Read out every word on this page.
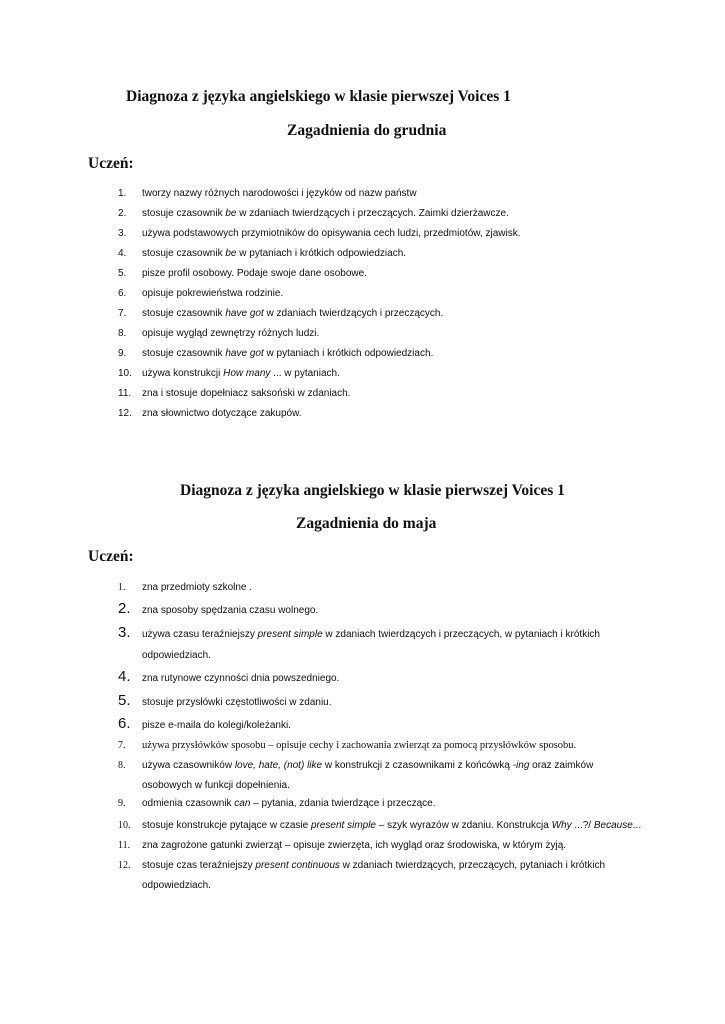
Diagnoza z języka angielskiego w klasie pierwszej Voices 1
Zagadnienia do grudnia
Uczeń:
1. tworzy nazwy różnych narodowości i języków od nazw państw
2. stosuje czasownik be w zdaniach twierdzących i przeczących. Zaimki dzierżawcze.
3. używa podstawowych przymiotników do opisywania cech ludzi, przedmiotów, zjawisk.
4. stosuje czasownik be w pytaniach i krótkich odpowiedziach.
5. pisze profil osobowy. Podaje swoje dane osobowe.
6. opisuje pokrewieństwa rodzinie.
7. stosuje czasownik have got w zdaniach twierdzących i przeczących.
8. opisuje wygląd zewnętrzy różnych ludzi.
9. stosuje czasownik have got w pytaniach i krótkich odpowiedziach.
10. używa konstrukcji How many ... w pytaniach.
11. zna i stosuje dopełniacz saksoński w zdaniach.
12. zna słownictwo dotyczące zakupów.
Diagnoza z języka angielskiego w klasie pierwszej Voices 1
Zagadnienia do maja
Uczeń:
1. zna przedmioty szkolne .
2. zna sposoby spędzania czasu wolnego.
3. używa czasu teraźniejszy present simple w zdaniach twierdzących i przeczących, w pytaniach i krótkich
odpowiedziach.
4. zna rutynowe czynności dnia powszedniego.
5. stosuje przysłówki częstotliwości w zdaniu.
6. pisze e-maila do kolegi/koleżanki.
7. używa przysłówków sposobu – opisuje cechy i zachowania zwierząt za pomocą przysłówków sposobu.
8. używa czasowników love, hate, (not) like w konstrukcji z czasownikami z końcówką -ing oraz zaimków
osobowych w funkcji dopełnienia.
9. odmienia czasownik can – pytania, zdania twierdzące i przeczące.
10. stosuje konstrukcje pytające w czasie present simple – szyk wyrazów w zdaniu. Konstrukcja Why ...?/ Because...
11. zna zagrożone gatunki zwierząt – opisuje zwierzęta, ich wygląd oraz środowiska, w którym żyją.
12. stosuje czas teraźniejszy present continuous w zdaniach twierdzących, przeczących, pytaniach i krótkich
odpowiedziach.
